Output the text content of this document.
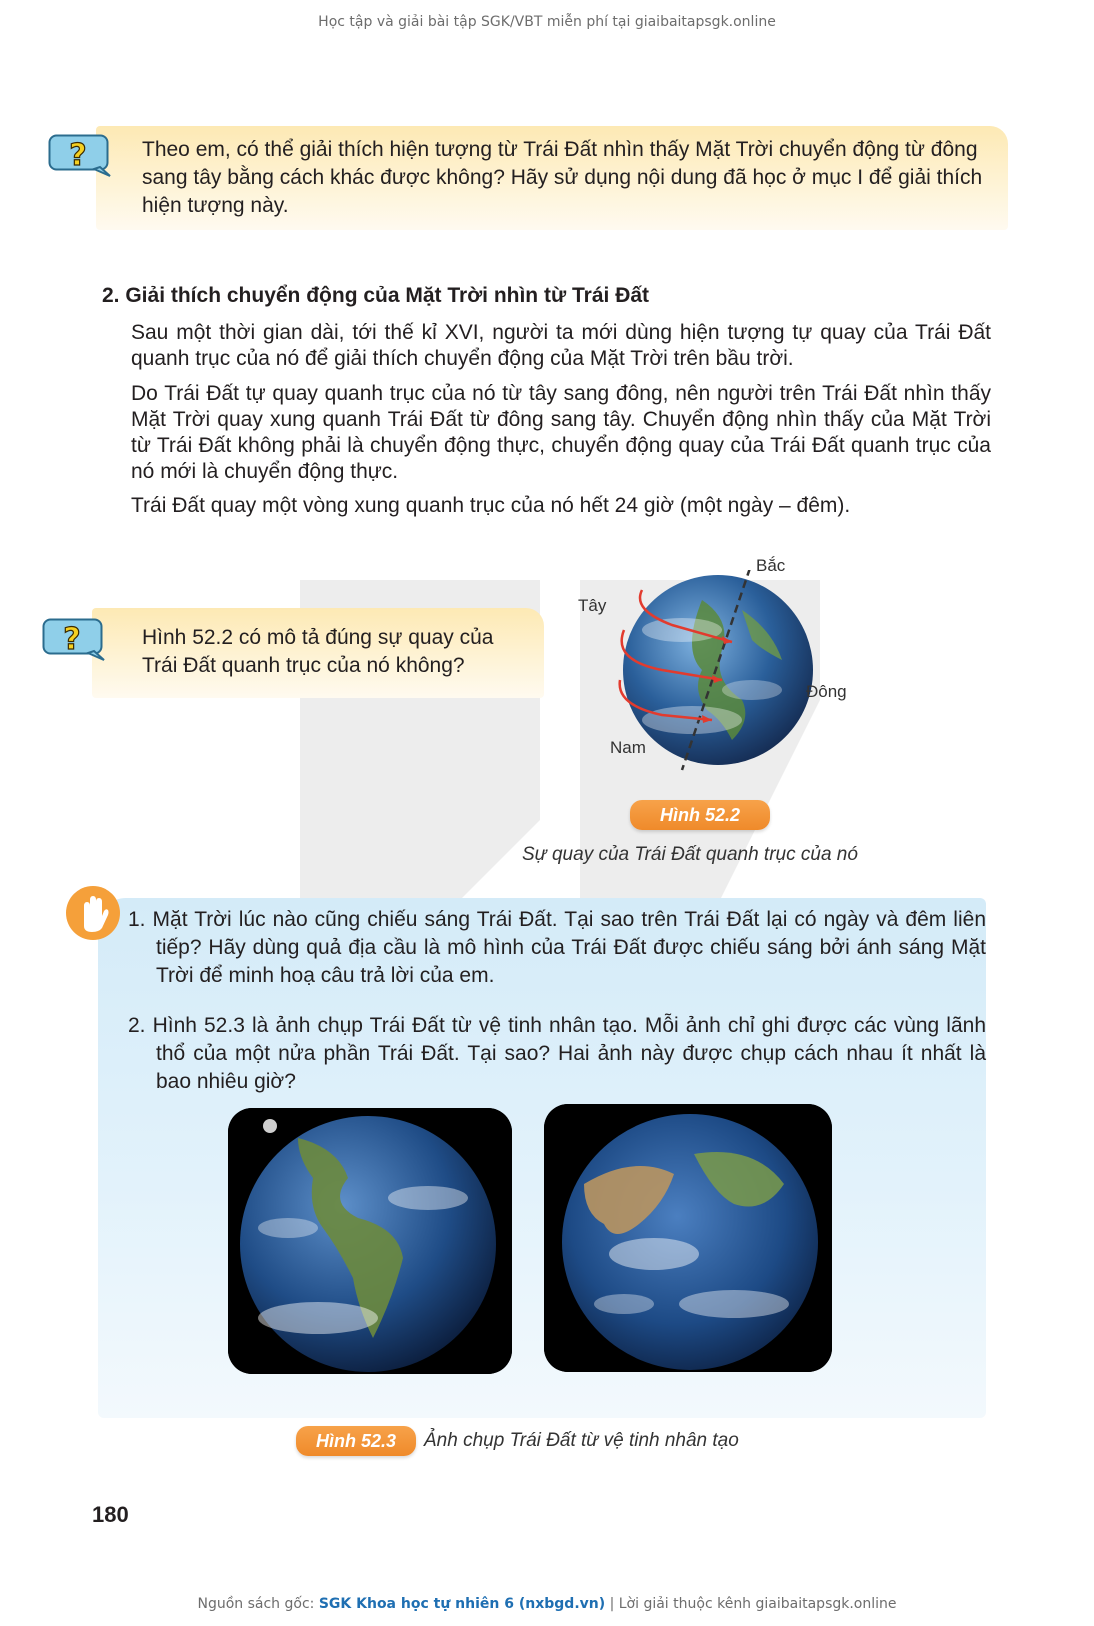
Học tập và giải bài tập SGK/VBT miễn phí tại giaibaitapsgk.online
?	Theo em, có thể giải thích hiện tượng từ Trái Đất nhìn thấy Mặt Trời chuyển động từ đông sang tây bằng cách khác được không? Hãy sử dụng nội dung đã học ở mục I để giải thích hiện tượng này.
2. Giải thích chuyển động của Mặt Trời nhìn từ Trái Đất
Sau một thời gian dài, tới thế kỉ XVI, người ta mới dùng hiện tượng tự quay của Trái Đất quanh trục của nó để giải thích chuyển động của Mặt Trời trên bầu trời.
Do Trái Đất tự quay quanh trục của nó từ tây sang đông, nên người trên Trái Đất nhìn thấy Mặt Trời quay xung quanh Trái Đất từ đông sang tây. Chuyển động nhìn thấy của Mặt Trời từ Trái Đất không phải là chuyển động thực, chuyển động quay của Trái Đất quanh trục của nó mới là chuyển động thực.
Trái Đất quay một vòng xung quanh trục của nó hết 24 giờ (một ngày – đêm).
?	Hình 52.2 có mô tả đúng sự quay của Trái Đất quanh trục của nó không?
Bắc
Tây
Đông
Nam
Hình 52.2
Sự quay của Trái Đất quanh trục của nó
1. Mặt Trời lúc nào cũng chiếu sáng Trái Đất. Tại sao trên Trái Đất lại có ngày và đêm liên tiếp? Hãy dùng quả địa cầu là mô hình của Trái Đất được chiếu sáng bởi ánh sáng Mặt Trời để minh hoạ câu trả lời của em.
2. Hình 52.3 là ảnh chụp Trái Đất từ vệ tinh nhân tạo. Mỗi ảnh chỉ ghi được các vùng lãnh thổ của một nửa phần Trái Đất. Tại sao? Hai ảnh này được chụp cách nhau ít nhất là bao nhiêu giờ?
Hình 52.3	Ảnh chụp Trái Đất từ vệ tinh nhân tạo
180
Nguồn sách gốc: SGK Khoa học tự nhiên 6 (nxbgd.vn) | Lời giải thuộc kênh giaibaitapsgk.online
